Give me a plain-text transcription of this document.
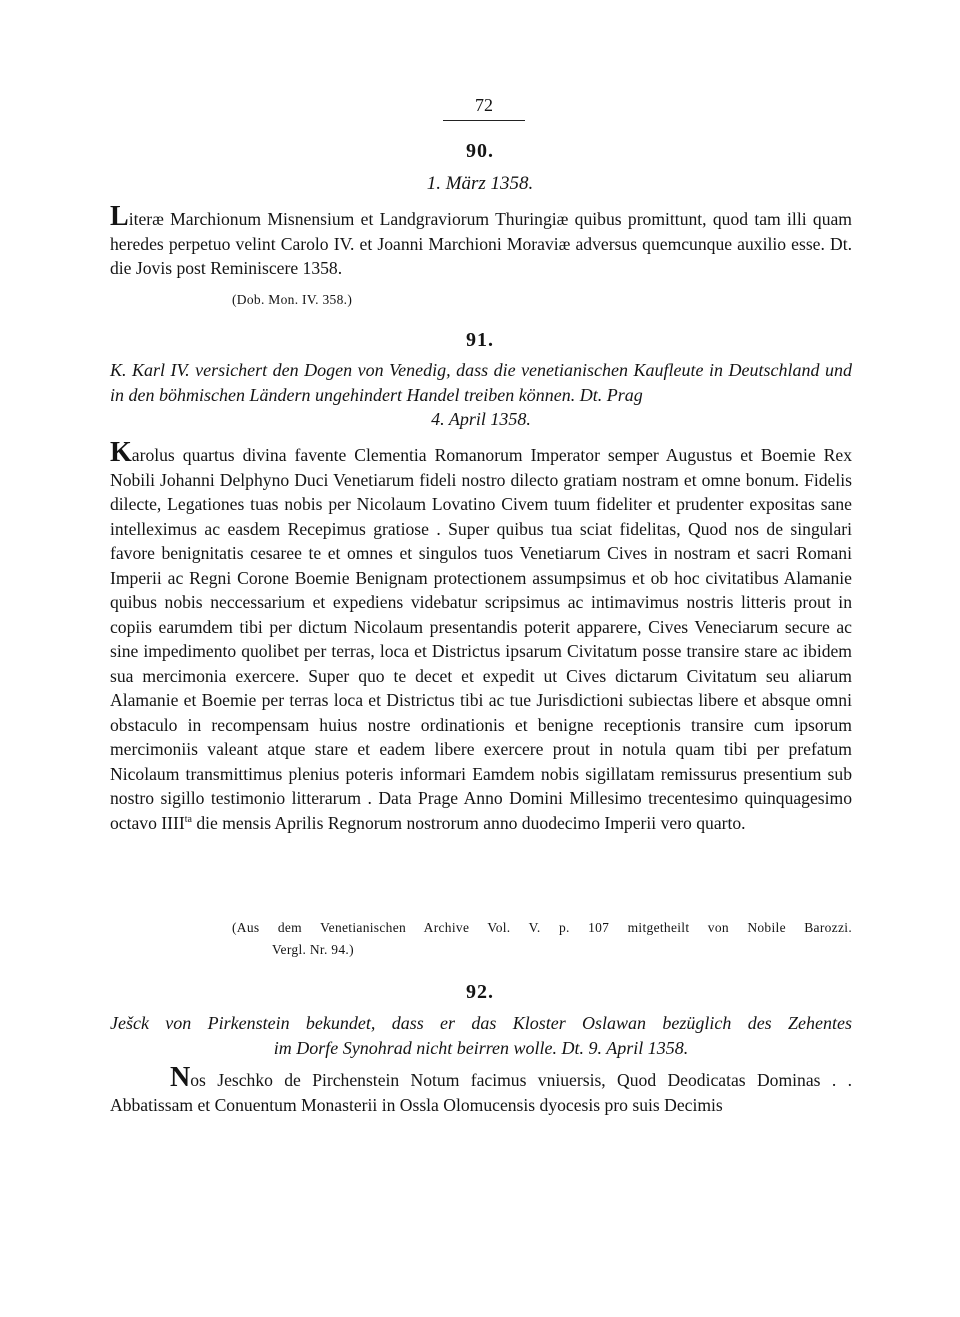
72
90.
1. März 1358.
Literæ Marchionum Misnensium et Landgraviorum Thuringiæ quibus promittunt, quod tam illi quam heredes perpetuo velint Carolo IV. et Joanni Marchioni Moraviæ adversus quemcunque auxilio esse. Dt. die Jovis post Reminiscere 1358.
(Dob. Mon. IV. 358.)
91.
K. Karl IV. versichert den Dogen von Venedig, dass die venetianischen Kaufleute in Deutschland und in den böhmischen Ländern ungehindert Handel treiben können. Dt. Prag
4. April 1358.
Karolus quartus divina favente Clementia Romanorum Imperator semper Augustus et Boemie Rex Nobili Johanni Delphyno Duci Venetiarum fideli nostro dilecto gratiam nostram et omne bonum. Fidelis dilecte, Legationes tuas nobis per Nicolaum Lovatino Civem tuum fideliter et prudenter expositas sane intelleximus ac easdem Recepimus gratiose . Super quibus tua sciat fidelitas, Quod nos de singulari favore benignitatis cesaree te et omnes et singulos tuos Venetiarum Cives in nostram et sacri Romani Imperii ac Regni Corone Boemie Benignam protectionem assumpsimus et ob hoc civitatibus Alamanie quibus nobis neccessarium et expediens videbatur scripsimus ac intimavimus nostris litteris prout in copiis earumdem tibi per dictum Nicolaum presentandis poterit apparere, Cives Veneciarum secure ac sine impedimento quolibet per terras, loca et Districtus ipsarum Civitatum posse transire stare ac ibidem sua mercimonia exercere. Super quo te decet et expedit ut Cives dictarum Civitatum seu aliarum Alamanie et Boemie per terras loca et Districtus tibi ac tue Jurisdictioni subiectas libere et absque omni obstaculo in recompensam huius nostre ordinationis et benigne receptionis transire cum ipsorum mercimoniis valeant atque stare et eadem libere exercere prout in notula quam tibi per prefatum Nicolaum transmittimus plenius poteris informari Eamdem nobis sigillatam remissurus presentium sub nostro sigillo testimonio litterarum . Data Prage Anno Domini Millesimo trecentesimo quinquagesimo octavo $IIII^{ta}$ die mensis Aprilis Regnorum nostrorum anno duodecimo Imperii vero quarto.
(Aus dem Venetianischen Archive Vol. V. p. 107 mitgetheilt von Nobile Barozzi.
Vergl. Nr. 94.)
92.
Ješck von Pirkenstein bekundet, dass er das Kloster Oslawan bezüglich des Zehentes
im Dorfe Synohrad nicht beirren wolle. Dt. 9. April 1358.
Nos Jeschko de Pirchenstein Notum facimus vniuersis, Quod Deodicatas Dominas . . Abbatissam et Conuentum Monasterii in Ossla Olomucensis dyocesis pro suis Decimis
